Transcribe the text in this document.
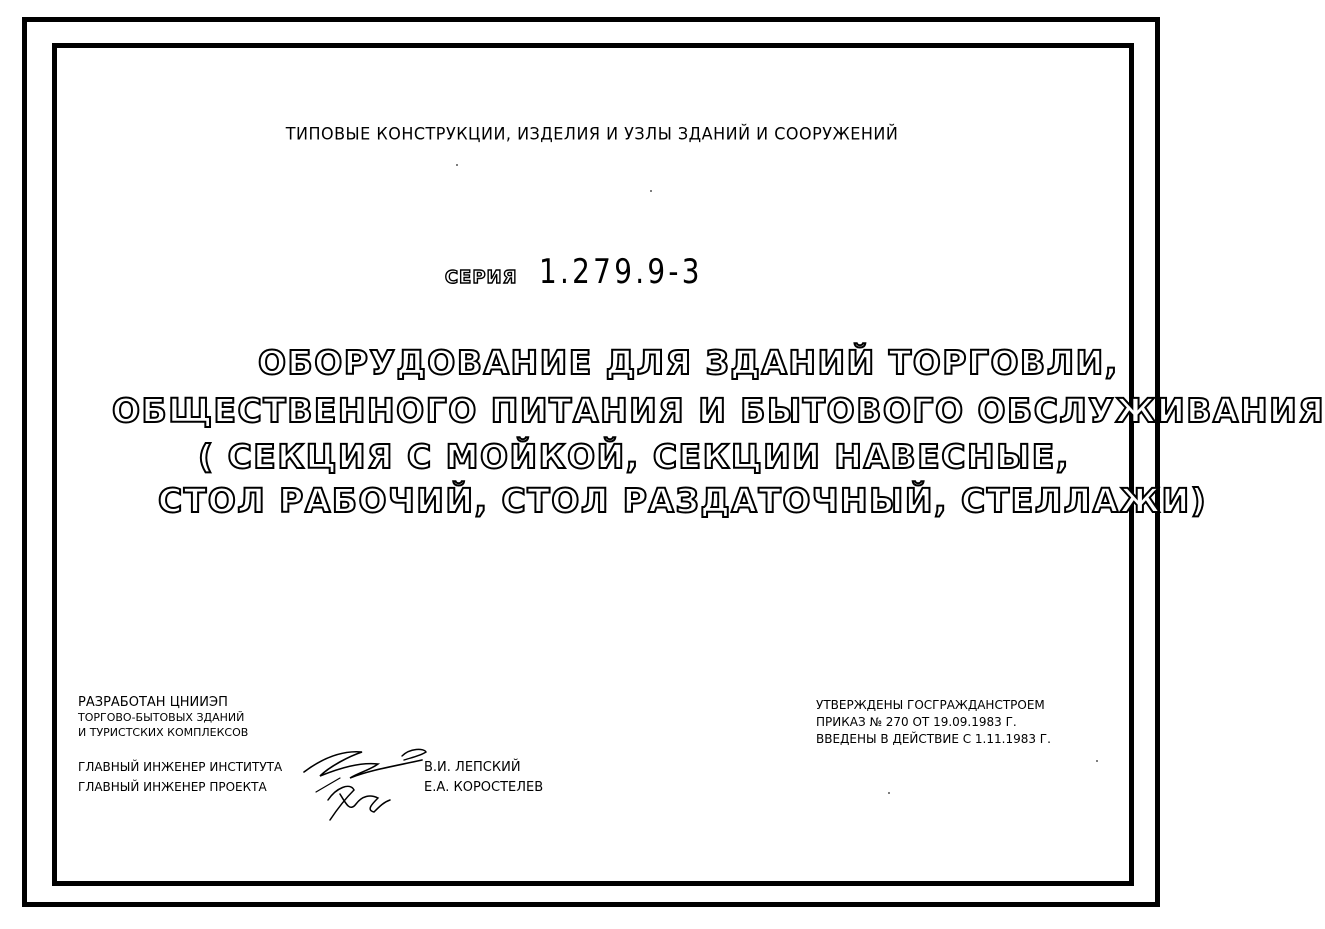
ТИПОВЫЕ КОНСТРУКЦИИ, ИЗДЕЛИЯ И УЗЛЫ ЗДАНИЙ И СООРУЖЕНИЙ
СЕРИЯ 1.279.9-3
ОБОРУДОВАНИЕ ДЛЯ ЗДАНИЙ ТОРГОВЛИ,
ОБЩЕСТВЕННОГО ПИТАНИЯ И БЫТОВОГО ОБСЛУЖИВАНИЯ
( СЕКЦИЯ С МОЙКОЙ, СЕКЦИИ НАВЕСНЫЕ,
СТОЛ РАБОЧИЙ, СТОЛ РАЗДАТОЧНЫЙ, СТЕЛЛАЖИ)
РАЗРАБОТАН ЦНИИЭП
ТОРГОВО-БЫТОВЫХ ЗДАНИЙ
И ТУРИСТСКИХ КОМПЛЕКСОВ
ГЛАВНЫЙ ИНЖЕНЕР ИНСТИТУТА	В.И. ЛЕПСКИЙ
ГЛАВНЫЙ ИНЖЕНЕР ПРОЕКТА	Е.А. КОРОСТЕЛЕВ
УТВЕРЖДЕНЫ ГОСГРАЖДАНСТРОЕМ
ПРИКАЗ № 270 ОТ 19.09.1983 Г.
ВВЕДЕНЫ В ДЕЙСТВИЕ С 1.11.1983 Г.
